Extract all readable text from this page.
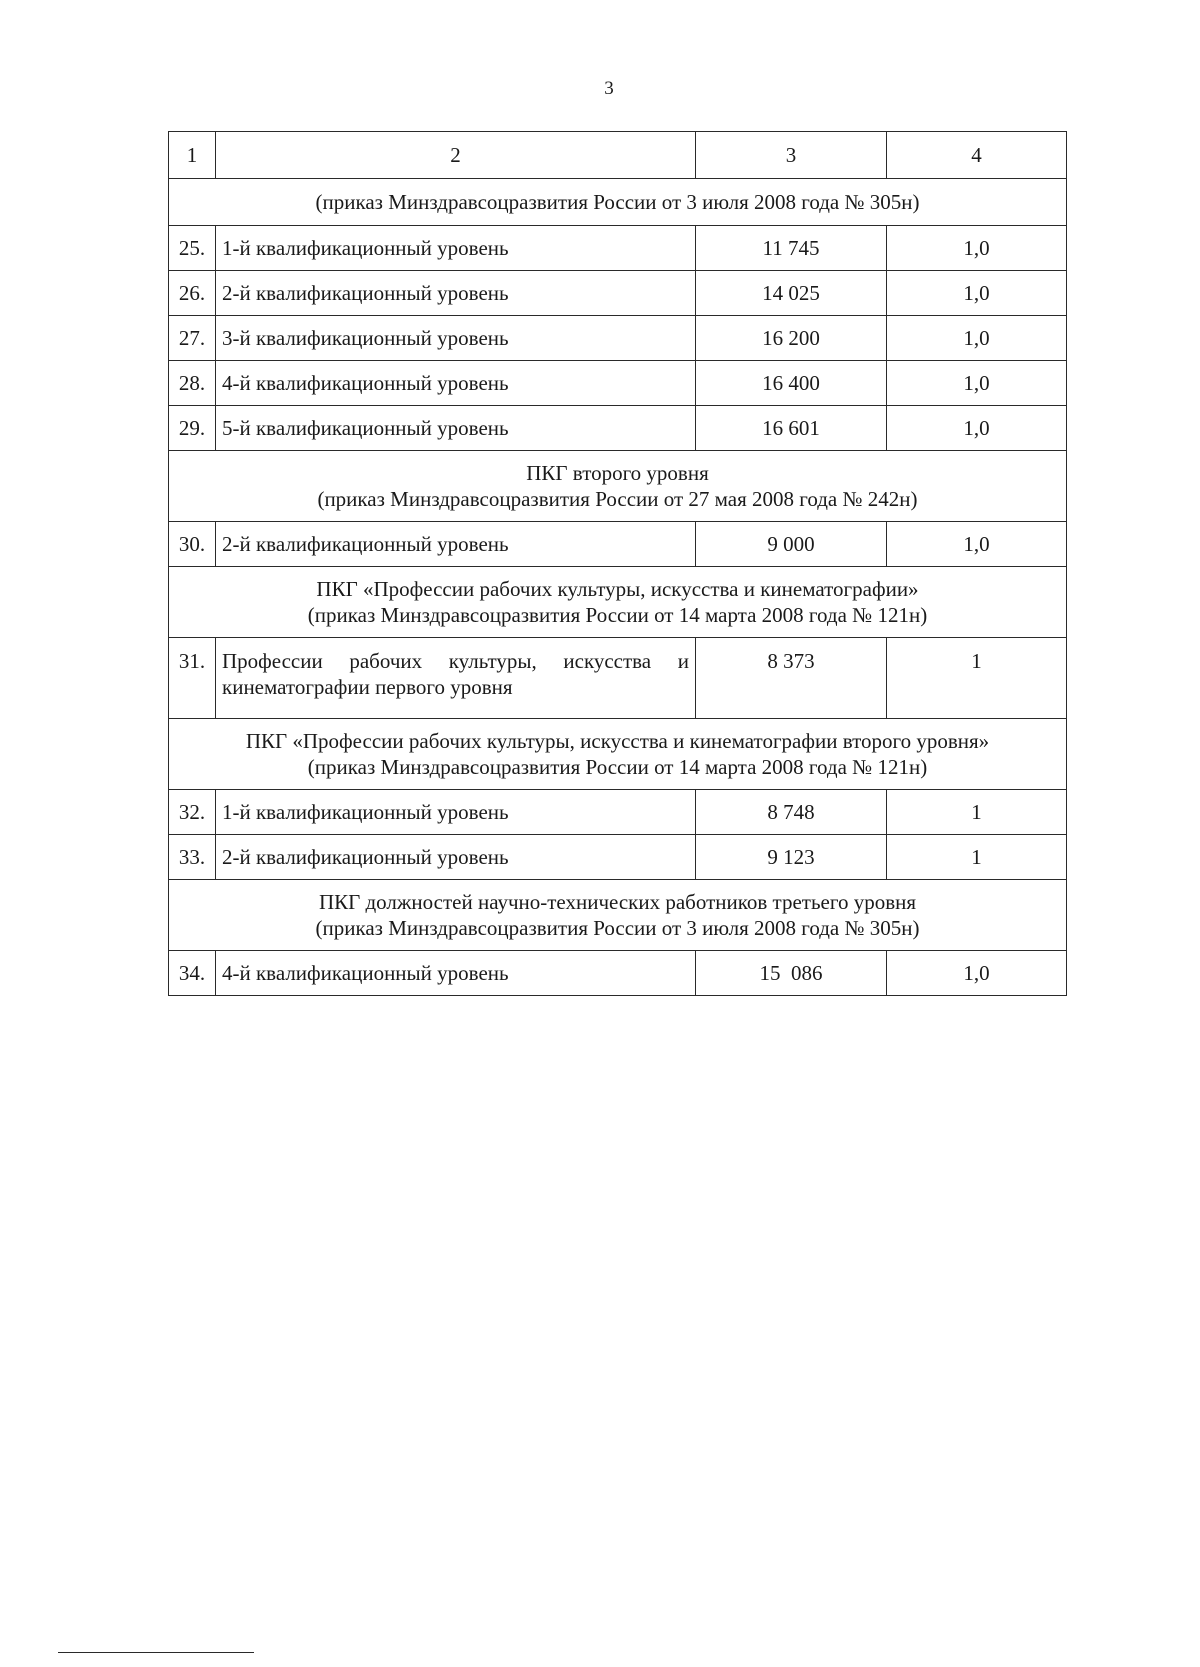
3
1	2	3	4

(приказ Минздравсоцразвития России от 3 июля 2008 года № 305н)			

25.	1-й квалификационный уровень	11 745	1,0
26.	2-й квалификационный уровень	14 025	1,0
27.	3-й квалификационный уровень	16 200	1,0
28.	4-й квалификационный уровень	16 400	1,0
29.	5-й квалификационный уровень	16 601	1,0

ПКГ второго уровня
(приказ Минздравсоцразвития России от 27 мая 2008 года № 242н)			

30.	2-й квалификационный уровень	9 000	1,0

ПКГ «Профессии рабочих культуры, искусства и кинематографии»
(приказ Минздравсоцразвития России от 14 марта 2008 года № 121н)			

31.	Профессии рабочих культуры, искусства и кинематографии первого уровня	8 373	1

ПКГ «Профессии рабочих культуры, искусства и кинематографии второго уровня»
(приказ Минздравсоцразвития России от 14 марта 2008 года № 121н)			

32.	1-й квалификационный уровень	8 748	1
33.	2-й квалификационный уровень	9 123	1

ПКГ должностей научно-технических работников третьего уровня
(приказ Минздравсоцразвития России от 3 июля 2008 года № 305н)			

34.	4-й квалификационный уровень	15  086	1,0
